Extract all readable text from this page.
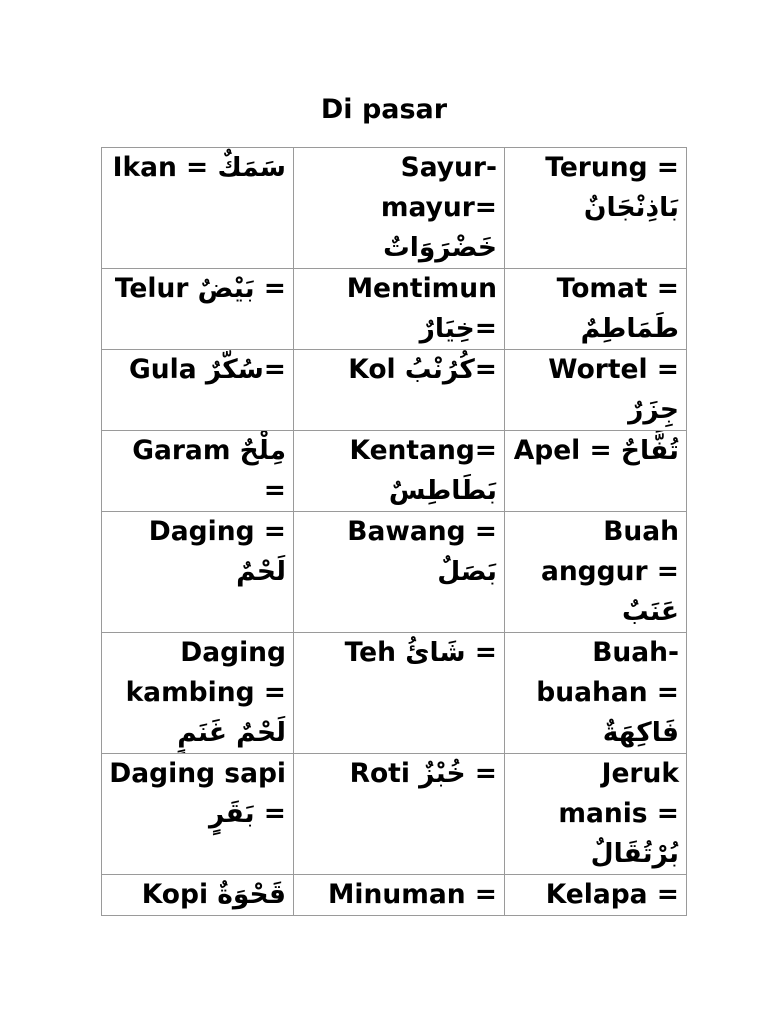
Di pasar
Ikan = سَمَكٌ	Sayur-mayur= خَضْرَوَاتٌ	Terung = بَاذِنْجَانٌ

Telur بَيْضٌ =	Mentimun خِيَارٌ=	Tomat = طَمَاطِمٌ

Gula سُكَّرٌ=	Kol كُرُنْبُ=	Wortel = جِزَرٌ

Garam مِلْحٌ =	Kentang= بَطَاطِسٌ	Apel = تُفَّاحٌ

Daging = لَحْمٌ	Bawang = بَصَلٌ	Buah anggur = عَنَبٌ

Daging kambing = لَحْمٌ غَنَمٍ	Teh شَائُ =	Buah-buahan = فَاكِهَةٌ

Daging sapi بَقَرٍ =	Roti خُبْزٌ =	Jeruk manis = بُرْتُقَالٌ

Kopi قَحْوَةٌ	Minuman =	Kelapa =
